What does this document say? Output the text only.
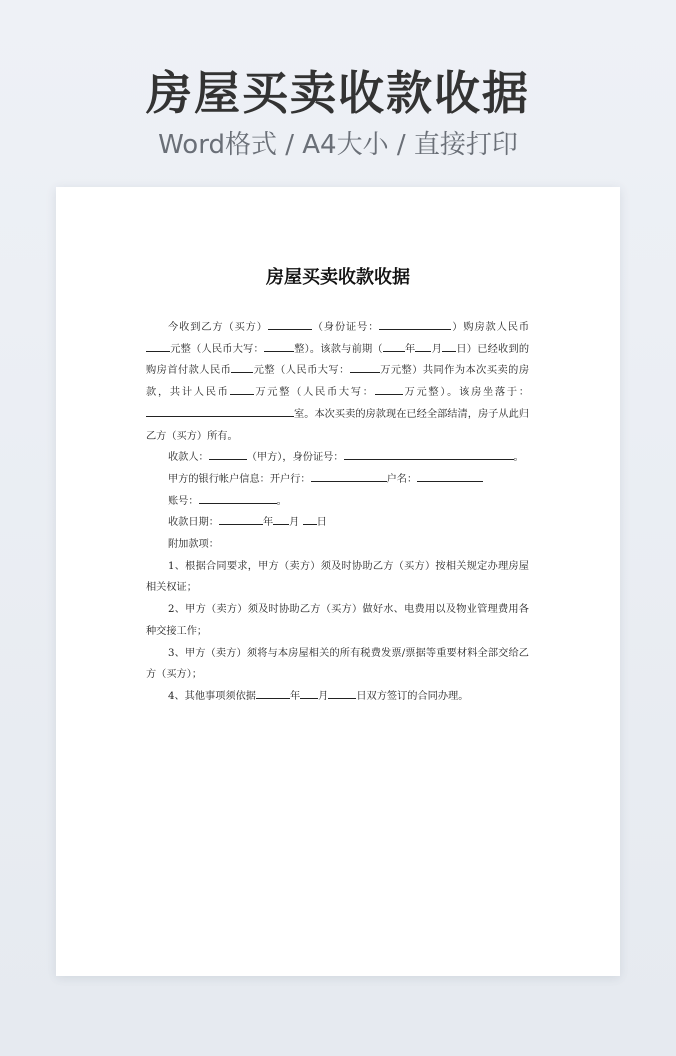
房屋买卖收款收据
Word格式 / A4大小 / 直接打印
房屋买卖收款收据

今收到乙方（买方）	（身份证号：	）购房款人民币元整（人民币大写：	整）。该款与前期（ 年 月 日）已经收到的购房首付款人民币 元整（人民币大写：	万元整）共同作为本次买卖的房款，共计人民币 万元整（人民币大写：	万元整）。该房坐落于：室。本次买卖的房款现在已经全部结清，房子从此归乙方（买方）所有。

收款人：	（甲方），身份证号：	。

甲方的银行帐户信息：开户行：	户名：

账号：	。

收款日期：	年 月 日

附加款项：

1、根据合同要求，甲方（卖方）须及时协助乙方（买方）按相关规定办理房屋相关权证；

2、甲方（卖方）须及时协助乙方（买方）做好水、电费用以及物业管理费用各种交接工作；

3、甲方（卖方）须将与本房屋相关的所有税费发票/票据等重要材料全部交给乙方（买方）；

4、其他事项须依据	年 月	日双方签订的合同办理。
